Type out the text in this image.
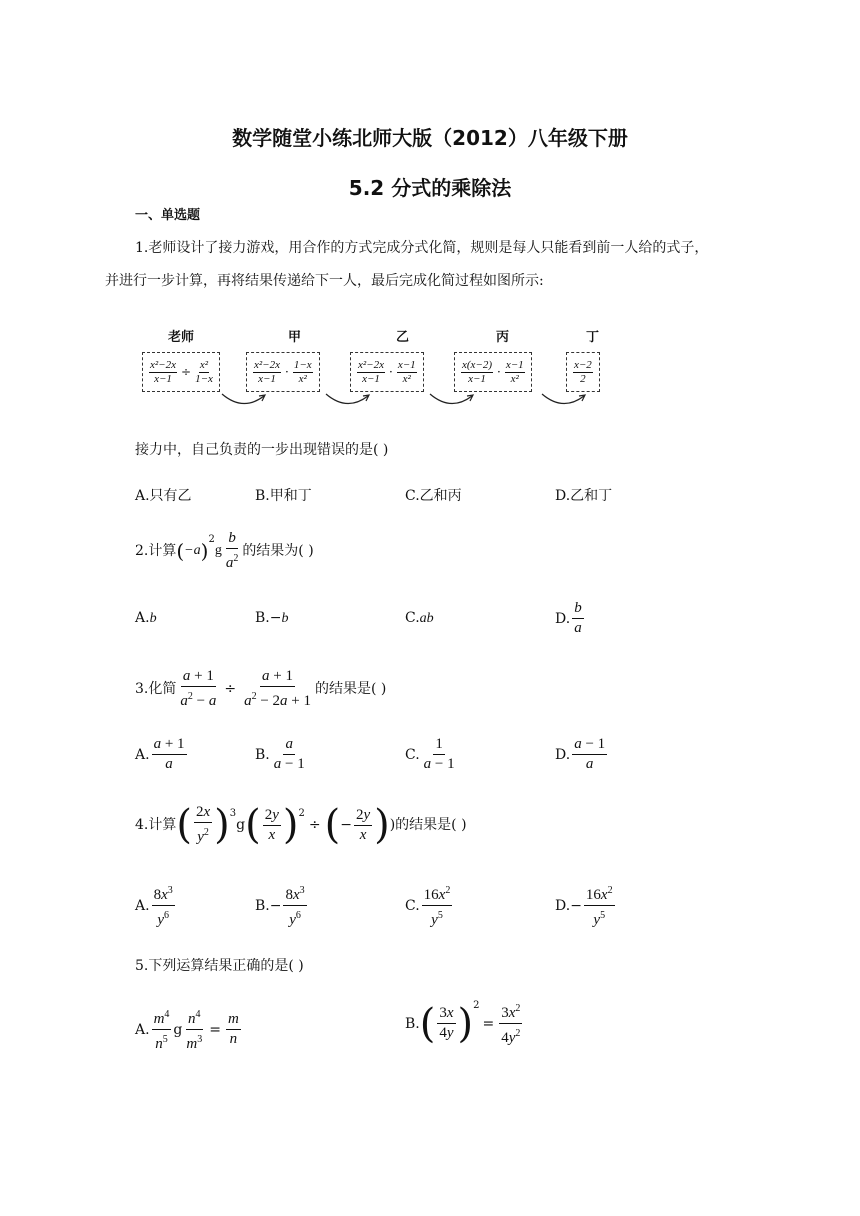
数学随堂小练北师大版（2012）八年级下册
5.2 分式的乘除法
一、单选题
1.老师设计了接力游戏，用合作的方式完成分式化简，规则是每人只能看到前一人给的式子，
并进行一步计算，再将结果传递给下一人，最后完成化简过程如图所示:
老师	甲	乙	丙	丁
$\frac{\text{x²−2x}}{x-1} \div \frac{\text{x²}}{1-x}$	x²−2x
x−1 ·
1−x
x²
x²−2x
x−1 ·
x−1
x²
x(x−2)
x−1 ·
x−1
x²
x−2
2
接力中，自己负责的一步出现错误的是( )
A.只有乙	B.甲和丁	C.乙和丙	D.乙和丁
2.计算 ( −a )$^2$
g $\frac{b}{a^2}$ 的结果为( )
A.b	B.−b	C.ab	D. $\frac{b}{a}$
3.化简 $\frac{a + 1}{a^2 - a} \div \frac{a + 1}{a^2 - 2a + 1}$ 的结果是( )
A. $\frac{a + 1}{a}$	B. $\frac{a}{a - 1}$	C. $\frac{1}{a - 1}$	D. $\frac{a - 1}{a}$
4.计算 ( $\frac{2x}{y^2} )^3$
g ( $\frac{2y}{x} )^2$
÷ ( − $\frac{2y}{x}$ ) )的结果是( )
A. $\frac{8x^3}{y^6}$	B. − $\frac{8x^3}{y^6}$	C. $\frac{16x^2}{y^5}$	D. − $\frac{16x^2}{y^5}$
5.下列运算结果正确的是( )
A. $\frac{m^4}{n^5}$ g $\frac{n^4}{m^3} = \frac{m}{n}$	B. ( $\frac{3x}{4y} )^2$
= $\frac{3x^2}{4y^2}$
